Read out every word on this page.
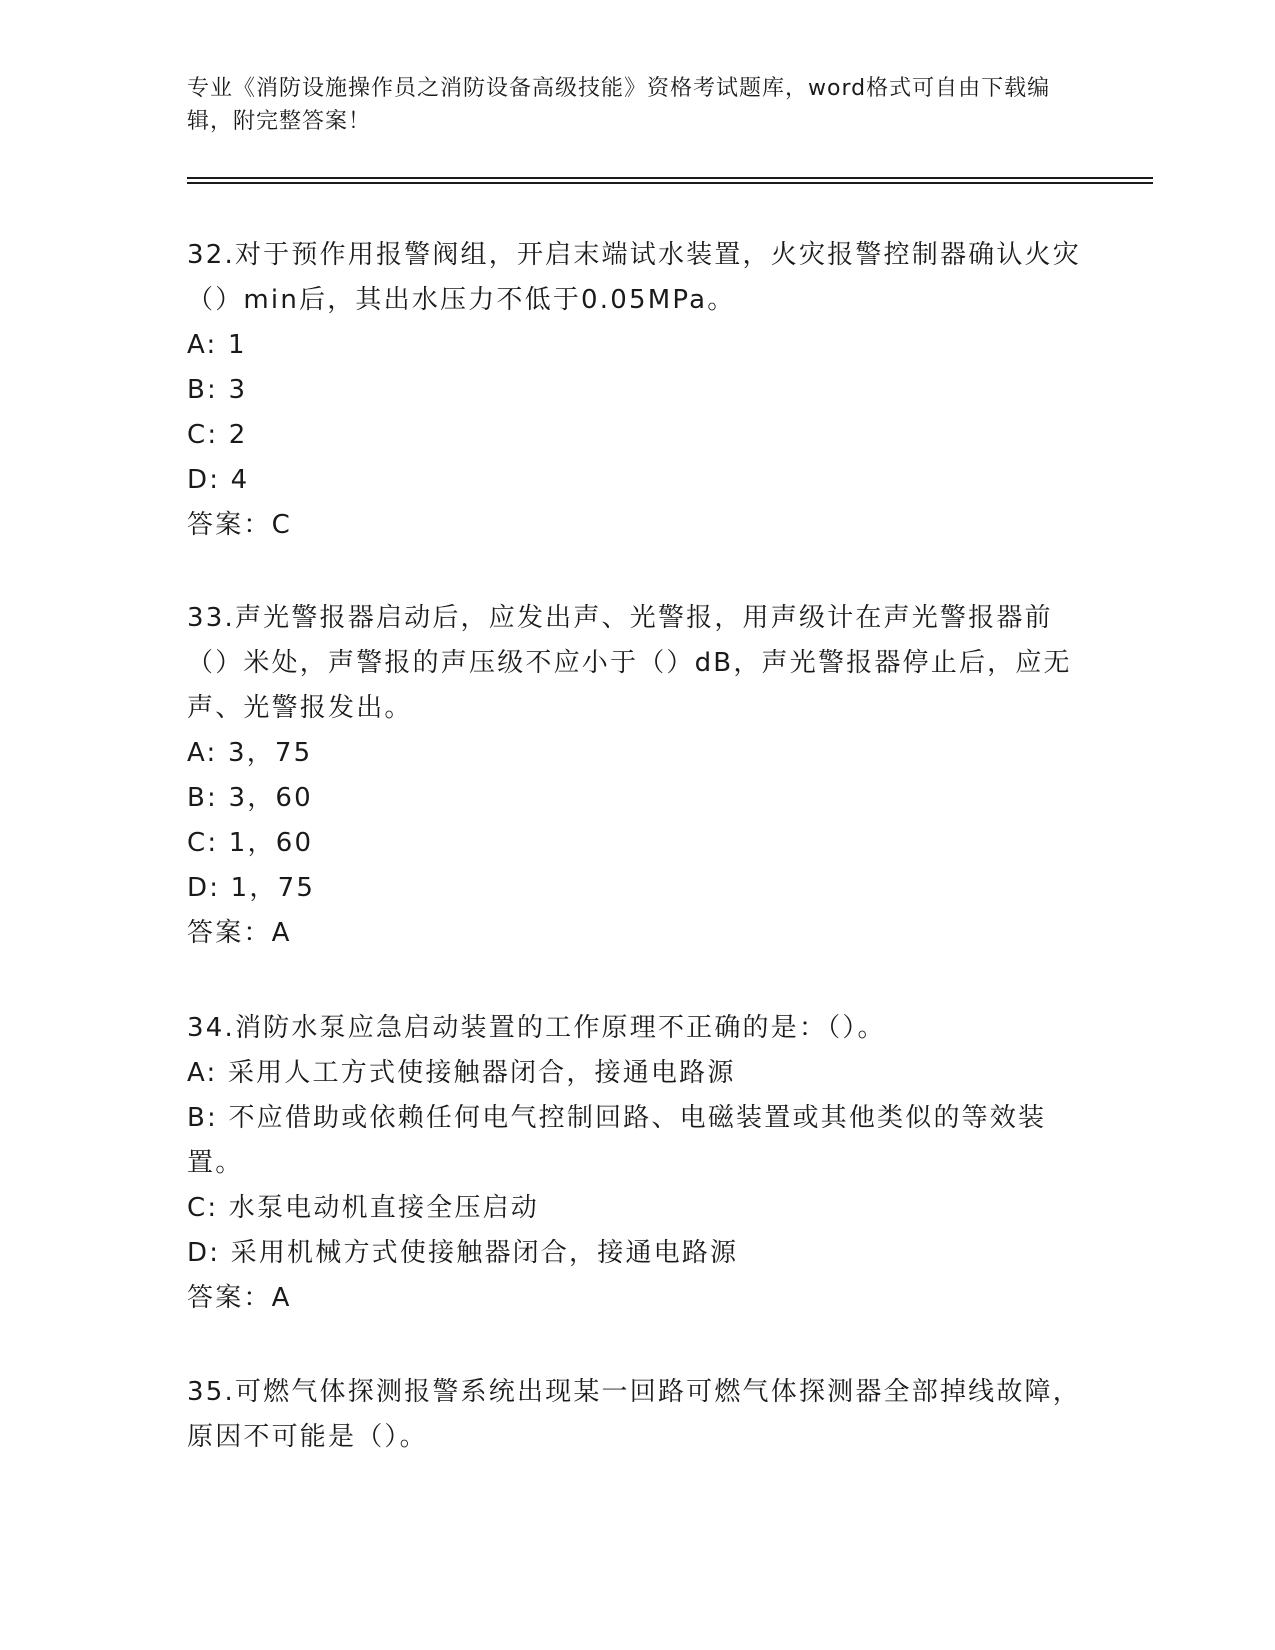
专业《消防设施操作员之消防设备高级技能》资格考试题库，word格式可自由下载编辑，附完整答案！

32.对于预作用报警阀组，开启末端试水装置，火灾报警控制器确认火灾（）min后，其出水压力不低于0.05MPa。

A: 1

B: 3

C: 2

D: 4

答案：C

33.声光警报器启动后，应发出声、光警报，用声级计在声光警报器前（）米处，声警报的声压级不应小于（）dB，声光警报器停止后，应无声、光警报发出。

A: 3，75

B: 3，60

C: 1，60

D: 1，75

答案：A

34.消防水泵应急启动装置的工作原理不正确的是：（）。

A: 采用人工方式使接触器闭合，接通电路源

B: 不应借助或依赖任何电气控制回路、电磁装置或其他类似的等效装置。

C: 水泵电动机直接全压启动

D: 采用机械方式使接触器闭合，接通电路源

答案：A

35.可燃气体探测报警系统出现某一回路可燃气体探测器全部掉线故障，原因不可能是（）。
